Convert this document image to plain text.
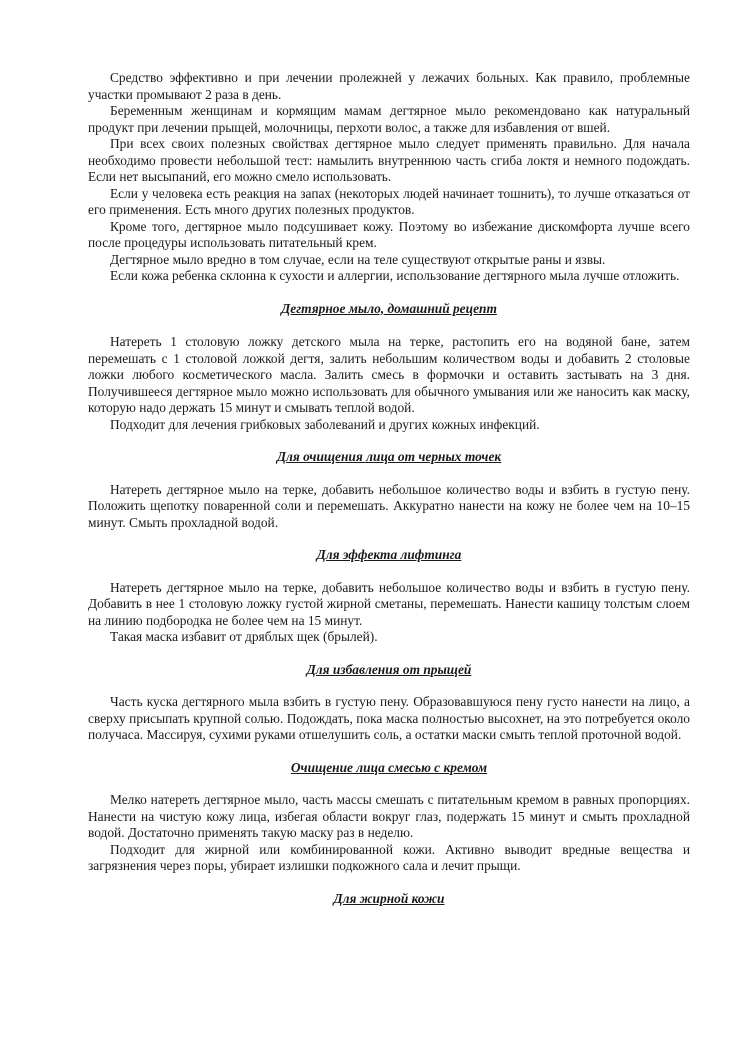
Средство эффективно и при лечении пролежней у лежачих больных. Как правило, проблемные участки промывают 2 раза в день.

Беременным женщинам и кормящим мамам дегтярное мыло рекомендовано как натуральный продукт при лечении прыщей, молочницы, перхоти волос, а также для избавления от вшей.

При всех своих полезных свойствах дегтярное мыло следует применять правильно. Для начала необходимо провести небольшой тест: намылить внутреннюю часть сгиба локтя и немного подождать. Если нет высыпаний, его можно смело использовать.

Если у человека есть реакция на запах (некоторых людей начинает тошнить), то лучше отказаться от его применения. Есть много других полезных продуктов.

Кроме того, дегтярное мыло подсушивает кожу. Поэтому во избежание дискомфорта лучше всего после процедуры использовать питательный крем.

Дегтярное мыло вредно в том случае, если на теле существуют открытые раны и язвы.

Если кожа ребенка склонна к сухости и аллергии, использование дегтярного мыла лучше отложить.

Дегтярное мыло, домашний рецепт

Натереть 1 столовую ложку детского мыла на терке, растопить его на водяной бане, затем перемешать с 1 столовой ложкой дегтя, залить небольшим количеством воды и добавить 2 столовые ложки любого косметического масла. Залить смесь в формочки и оставить застывать на 3 дня. Получившееся дегтярное мыло можно использовать для обычного умывания или же наносить как маску, которую надо держать 15 минут и смывать теплой водой.

Подходит для лечения грибковых заболеваний и других кожных инфекций.

Для очищения лица от черных точек

Натереть дегтярное мыло на терке, добавить небольшое количество воды и взбить в густую пену. Положить щепотку поваренной соли и перемешать. Аккуратно нанести на кожу не более чем на 10–15 минут. Смыть прохладной водой.

Для эффекта лифтинга

Натереть дегтярное мыло на терке, добавить небольшое количество воды и взбить в густую пену. Добавить в нее 1 столовую ложку густой жирной сметаны, перемешать. Нанести кашицу толстым слоем на линию подбородка не более чем на 15 минут.

Такая маска избавит от дряблых щек (брылей).

Для избавления от прыщей

Часть куска дегтярного мыла взбить в густую пену. Образовавшуюся пену густо нанести на лицо, а сверху присыпать крупной солью. Подождать, пока маска полностью высохнет, на это потребуется около получаса. Массируя, сухими руками отшелушить соль, а остатки маски смыть теплой проточной водой.

Очищение лица смесью с кремом

Мелко натереть дегтярное мыло, часть массы смешать с питательным кремом в равных пропорциях. Нанести на чистую кожу лица, избегая области вокруг глаз, подержать 15 минут и смыть прохладной водой. Достаточно применять такую маску раз в неделю.

Подходит для жирной или комбинированной кожи. Активно выводит вредные вещества и загрязнения через поры, убирает излишки подкожного сала и лечит прыщи.

Для жирной кожи
